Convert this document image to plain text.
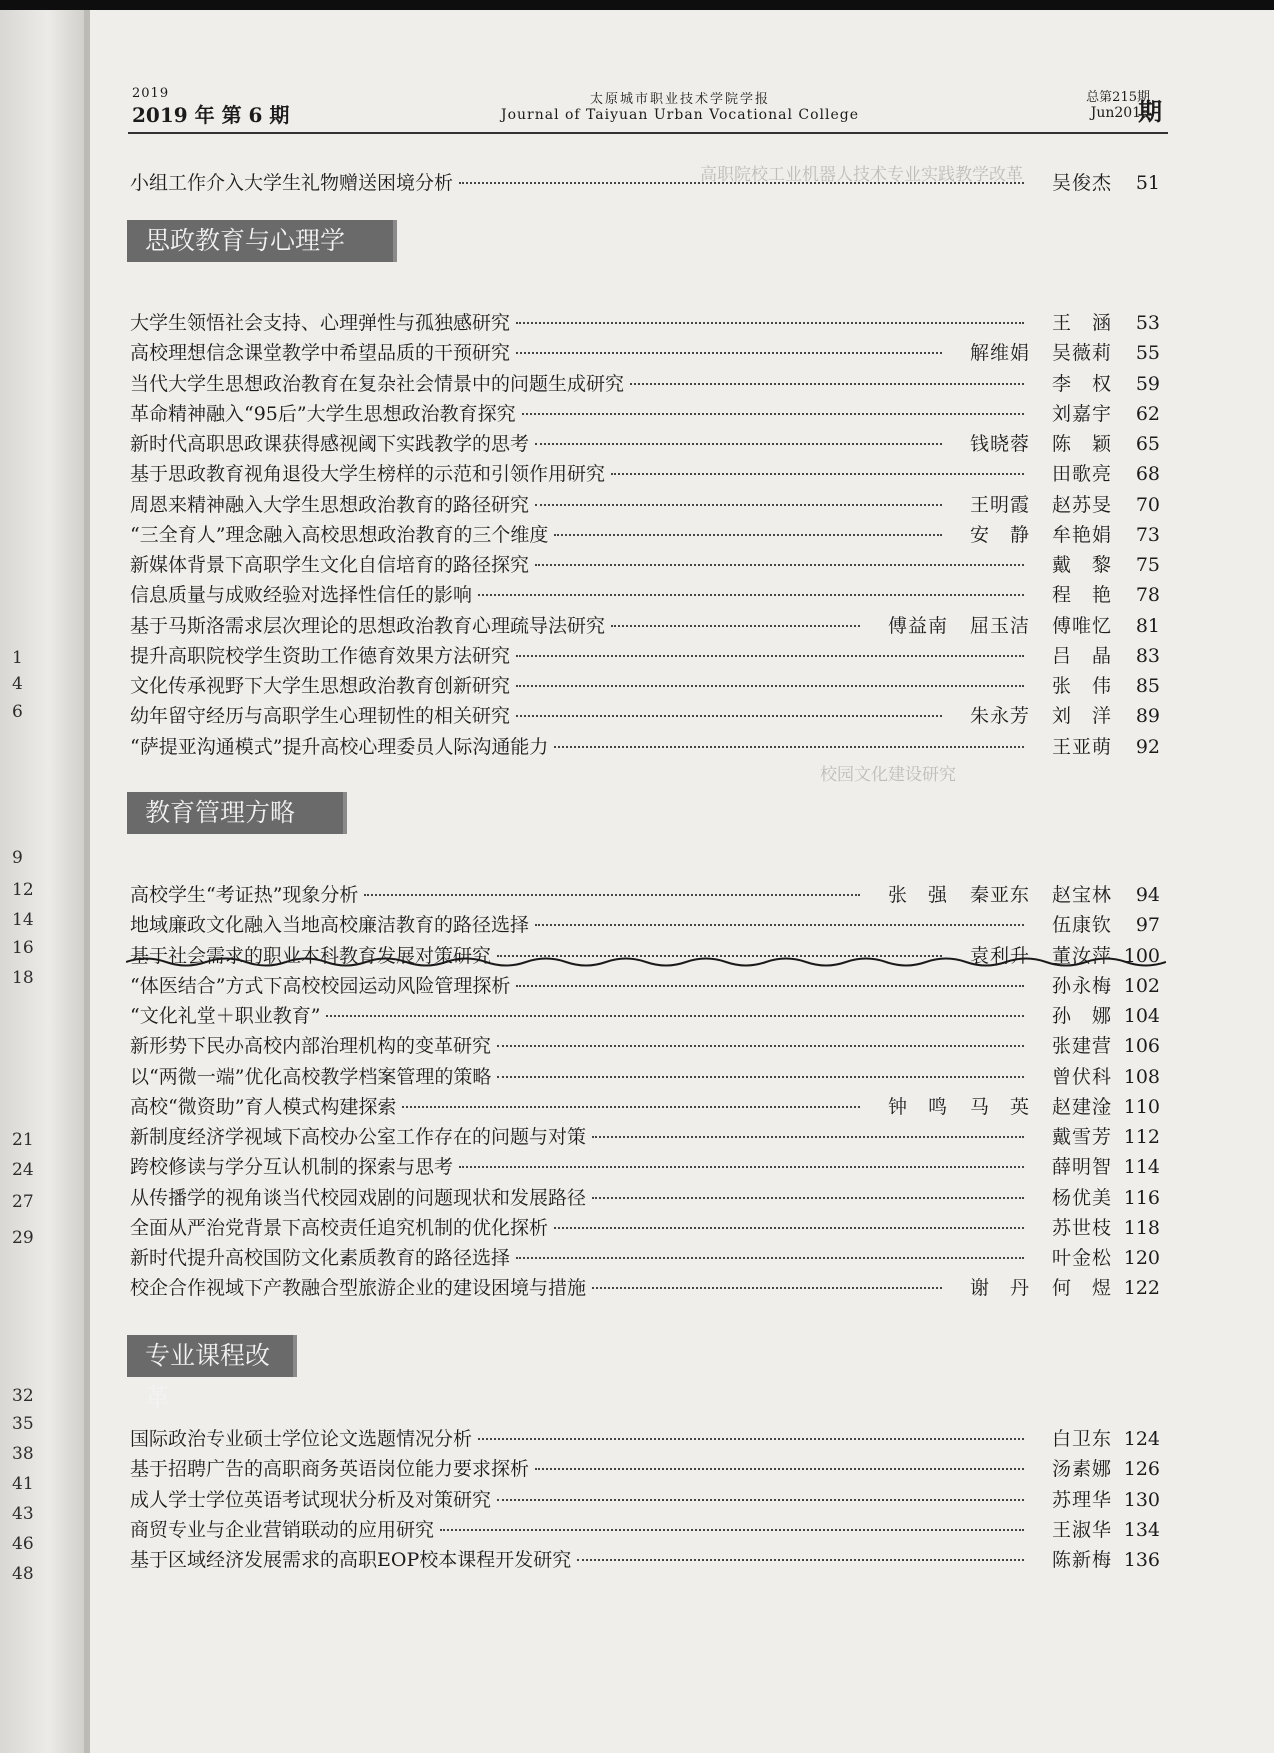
1
4
6
9
12
14
16
18
21
24
27
29
32
35
38
41
43
46
48
高职院校工业机器人技术专业实践教学改革
校园文化建设研究
2019
2019 年 第 6 期
太原城市职业技术学院学报
Journal of Taiyuan Urban Vocational College
总第215期
Jun2019
期
小组工作介入大学生礼物赠送困境分析	吴俊杰	51
思政教育与心理学
教育管理方略
专业课程改革
大学生领悟社会支持、心理弹性与孤独感研究	王　涵	53
高校理想信念课堂教学中希望品质的干预研究	解维娟 吴薇莉	55
当代大学生思想政治教育在复杂社会情景中的问题生成研究	李　权	59
革命精神融入“95后”大学生思想政治教育探究	刘嘉宇	62
新时代高职思政课获得感视阈下实践教学的思考	钱晓蓉 陈　颖	65
基于思政教育视角退役大学生榜样的示范和引领作用研究	田歌亮	68
周恩来精神融入大学生思想政治教育的路径研究	王明霞 赵苏旻	70
“三全育人”理念融入高校思想政治教育的三个维度	安　静 牟艳娟	73
新媒体背景下高职学生文化自信培育的路径探究	戴　黎	75
信息质量与成败经验对选择性信任的影响	程　艳	78
基于马斯洛需求层次理论的思想政治教育心理疏导法研究	傅益南 屈玉洁 傅唯忆	81
提升高职院校学生资助工作德育效果方法研究	吕　晶	83
文化传承视野下大学生思想政治教育创新研究	张　伟	85
幼年留守经历与高职学生心理韧性的相关研究	朱永芳 刘　洋	89
“萨提亚沟通模式”提升高校心理委员人际沟通能力	王亚萌	92
高校学生“考证热”现象分析	张　强 秦亚东 赵宝林	94
地域廉政文化融入当地高校廉洁教育的路径选择	伍康钦	97
基于社会需求的职业本科教育发展对策研究	袁利升 董汝萍 100
“体医结合”方式下高校校园运动风险管理探析	孙永梅 102
“文化礼堂＋职业教育”	孙　娜 104
新形势下民办高校内部治理机构的变革研究	张建营 106
以“两微一端”优化高校教学档案管理的策略	曾伏科 108
高校“微资助”育人模式构建探索	钟　鸣 马　英 赵建淦 110
新制度经济学视域下高校办公室工作存在的问题与对策	戴雪芳 112
跨校修读与学分互认机制的探索与思考	薛明智 114
从传播学的视角谈当代校园戏剧的问题现状和发展路径	杨优美 116
全面从严治党背景下高校责任追究机制的优化探析	苏世枝 118
新时代提升高校国防文化素质教育的路径选择	叶金松 120
校企合作视域下产教融合型旅游企业的建设困境与措施	谢　丹 何　煜 122
国际政治专业硕士学位论文选题情况分析	白卫东 124
基于招聘广告的高职商务英语岗位能力要求探析	汤素娜 126
成人学士学位英语考试现状分析及对策研究	苏理华 130
商贸专业与企业营销联动的应用研究	王淑华 134
基于区域经济发展需求的高职EOP校本课程开发研究	陈新梅 136
